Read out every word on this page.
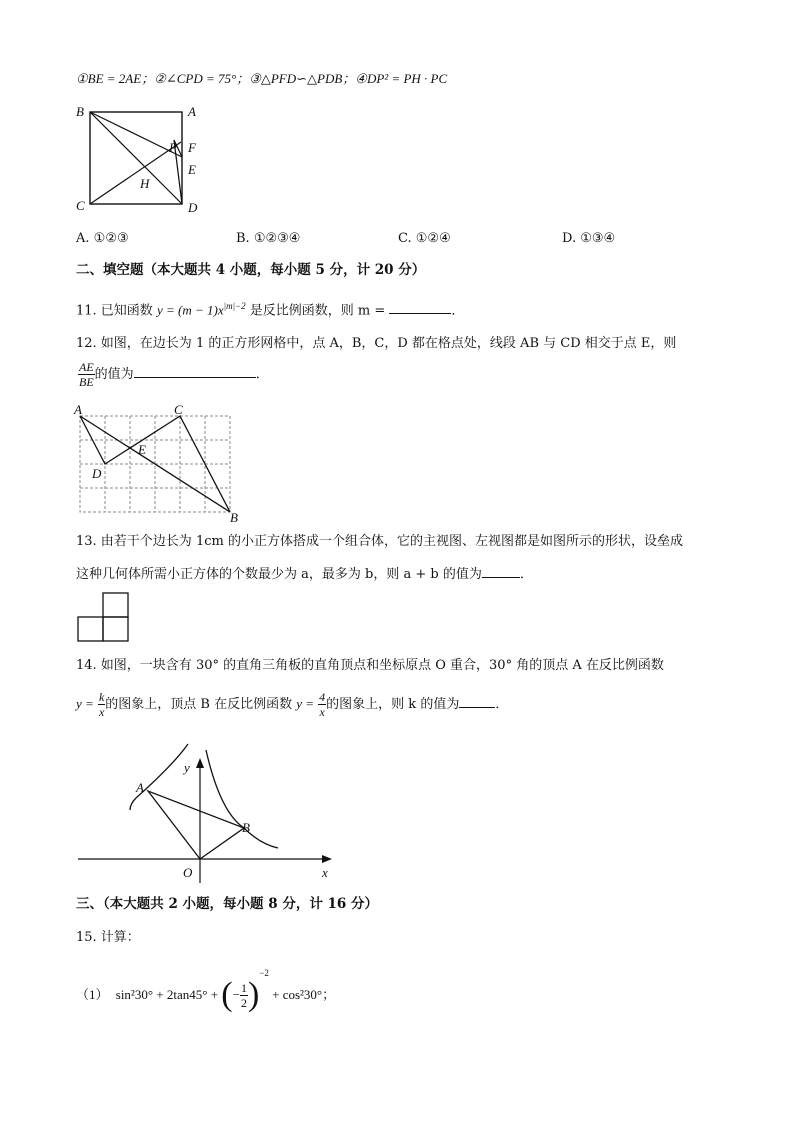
①BE = 2AE；②∠CPD = 75°；③△PFD∽△PDB；④DP² = PH · PC
B	A
P F
E
H
C	D
A. ①②③	B. ①②③④	C. ①②④	D. ①③④
二、填空题（本大题共 4 小题，每小题 5 分，计 20 分）
11. 已知函数 $y = (m - 1)x^{|m|-2}$ 是反比例函数，则 m =	．
12. 如图，在边长为 1 的正方形网格中，点 A，B，C，D 都在格点处，线段 AB 与 CD 相交于点 E，则
$\frac{AE}{BE}$ 的值为	．
A	C
E
D
B
13. 由若干个边长为 1cm 的小正方体搭成一个组合体，它的主视图、左视图都是如图所示的形状，设垒成
这种几何体所需小正方体的个数最少为 a，最多为 b，则 a + b 的值为	．
14. 如图，一块含有 30° 的直角三角板的直角顶点和坐标原点 O 重合，30° 角的顶点 A 在反比例函数
$y = \frac{k}{x}$ 的图象上，顶点 B 在反比例函数 $y = \frac{4}{x}$ 的图象上，则 k 的值为	．
A
B
O
y
x
三、（本大题共 2 小题，每小题 8 分，计 16 分）
15. 计算：
（1） sin²30° + 2tan45° + (− $\frac{1}{2} )^{-2} + \cos^230^\circ$；
